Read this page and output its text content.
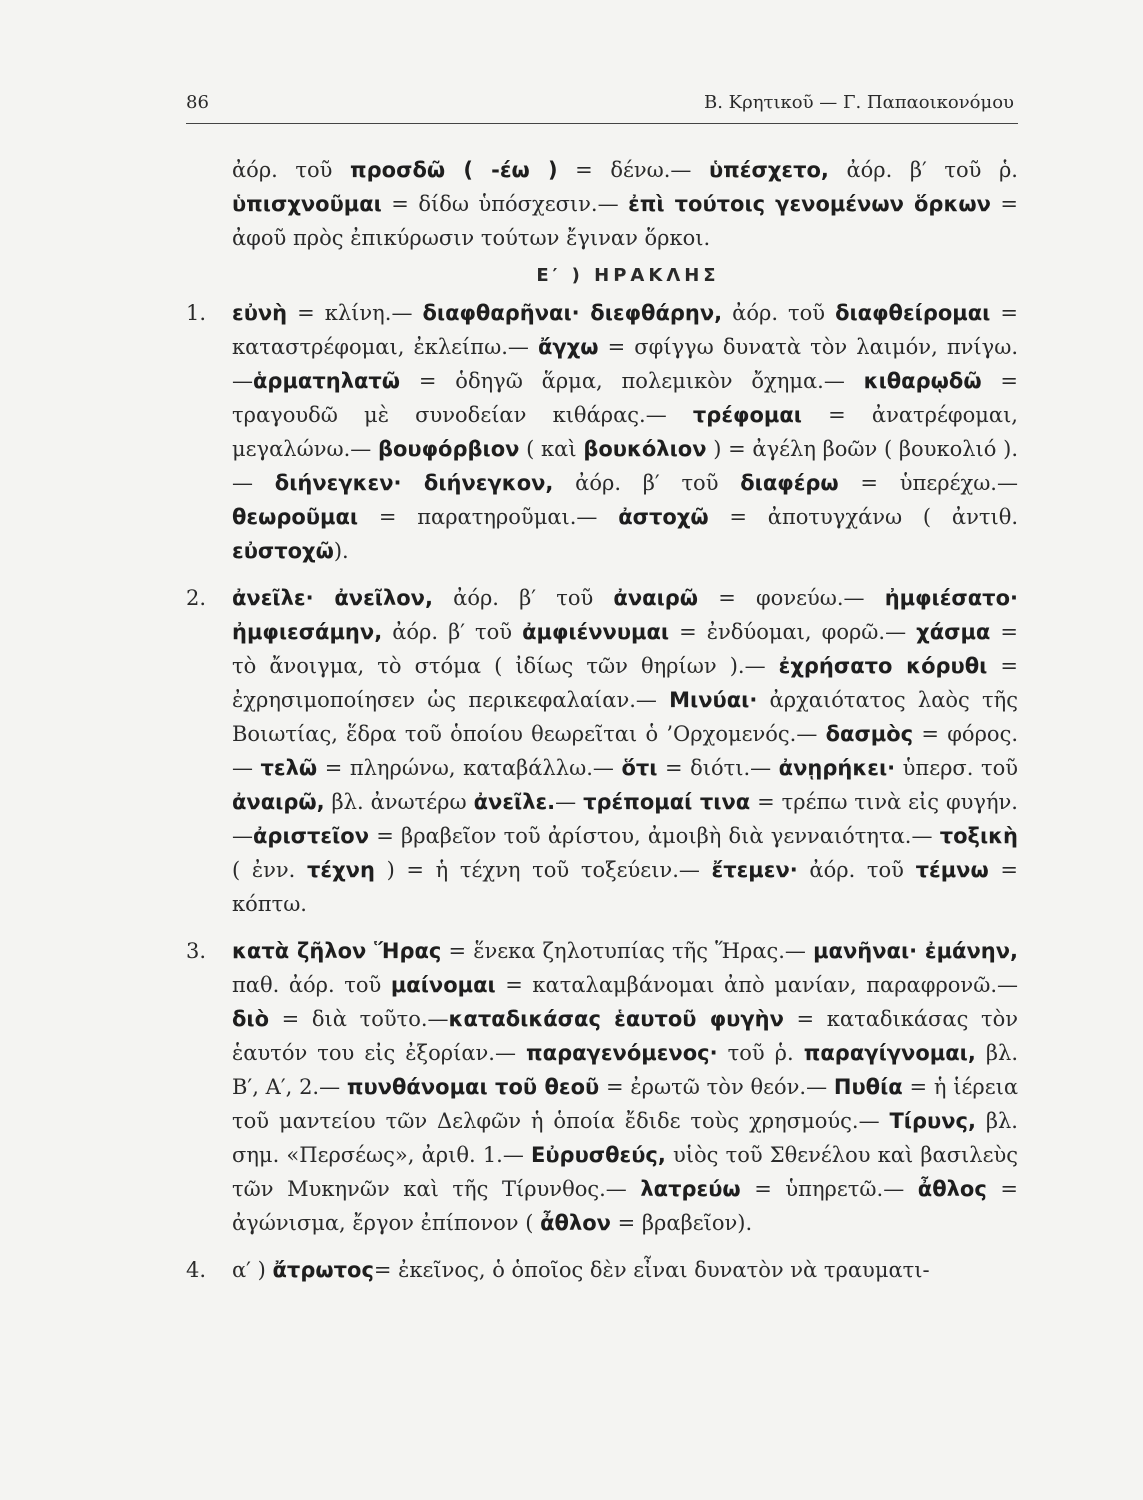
86	Β. Κρητικοῦ — Γ. Παπαοικονόμου
ἀόρ. τοῦ προσδῶ ( -έω ) = δένω.— ὑπέσχετο, ἀόρ. β′ τοῦ ῥ. ὑπισχνοῦμαι = δίδω ὑπόσχεσιν.— ἐπὶ τούτοις γενομένων ὅρκων = ἀφοῦ πρὸς ἐπικύρωσιν τούτων ἔγιναν ὅρκοι.
Ε′ ) ΗΡΑΚΛΗΣ
1. εὐνὴ = κλίνη.— διαφθαρῆναι· διεφθάρην, ἀόρ. τοῦ διαφθείρομαι = καταστρέφομαι, ἐκλείπω.— ἄγχω = σφίγγω δυνατὰ τὸν λαιμόν, πνίγω.—ἁρματηλατῶ = ὁδηγῶ ἅρμα, πολεμικὸν ὄχημα.— κιθαρῳδῶ = τραγουδῶ μὲ συνοδείαν κιθάρας.— τρέφομαι = ἀνατρέφομαι, μεγαλώνω.— βουφόρβιον ( καὶ βουκόλιον ) = ἀγέλη βοῶν ( βουκολιό ).— διήνεγκεν· διήνεγκον, ἀόρ. β′ τοῦ διαφέρω = ὑπερέχω.— θεωροῦμαι = παρατηροῦμαι.— ἀστοχῶ = ἀποτυγχάνω ( ἀντιθ. εὐστοχῶ).
2. ἀνεῖλε· ἀνεῖλον, ἀόρ. β′ τοῦ ἀναιρῶ = φονεύω.— ἠμφιέσατο· ἠμφιεσάμην, ἀόρ. β′ τοῦ ἀμφιέννυμαι = ἐνδύομαι, φορῶ.— χάσμα = τὸ ἄνοιγμα, τὸ στόμα ( ἰδίως τῶν θηρίων ).— ἐχρήσατο κόρυθι = ἐχρησιμοποίησεν ὡς περικεφαλαίαν.— Μινύαι· ἀρχαιότατος λαὸς τῆς Βοιωτίας, ἕδρα τοῦ ὁποίου θεωρεῖται ὁ ’Ορχομενός.— δασμὸς = φόρος.— τελῶ = πληρώνω, καταβάλλω.— ὅτι = διότι.— ἀνῃρήκει· ὑπερσ. τοῦ ἀναιρῶ, βλ. ἀνωτέρω ἀνεῖλε.— τρέπομαί τινα = τρέπω τινὰ εἰς φυγήν.—ἀριστεῖον = βραβεῖον τοῦ ἀρίστου, ἀμοιβὴ διὰ γενναιότητα.— τοξικὴ ( ἐνν. τέχνη ) = ἡ τέχνη τοῦ τοξεύειν.— ἔτεμεν· ἀόρ. τοῦ τέμνω = κόπτω.
3. κατὰ ζῆλον Ἥρας = ἕνεκα ζηλοτυπίας τῆς Ἥρας.— μανῆναι· ἐμάνην, παθ. ἀόρ. τοῦ μαίνομαι = καταλαμβάνομαι ἀπὸ μανίαν, παραφρονῶ.—διὸ = διὰ τοῦτο.—καταδικάσας ἑαυτοῦ φυγὴν = καταδικάσας τὸν ἑαυτόν του εἰς ἐξορίαν.— παραγενόμενος· τοῦ ῥ. παραγίγνομαι, βλ. Β′, Α′, 2.— πυνθάνομαι τοῦ θεοῦ = ἐρωτῶ τὸν θεόν.— Πυθία = ἡ ἱέρεια τοῦ μαντείου τῶν Δελφῶν ἡ ὁποία ἔδιδε τοὺς χρησμούς.— Τίρυνς, βλ. σημ. «Περσέως», ἀριθ. 1.— Εὐρυσθεύς, υἱὸς τοῦ Σθενέλου καὶ βασιλεὺς τῶν Μυκηνῶν καὶ τῆς Τίρυνθος.— λατρεύω = ὑπηρετῶ.— ἆθλος = ἀγώνισμα, ἔργον ἐπίπονον ( ἆθλον = βραβεῖον).
4. α′ ) ἄτρωτος= ἐκεῖνος, ὁ ὁποῖος δὲν εἶναι δυνατὸν νὰ τραυματι-
